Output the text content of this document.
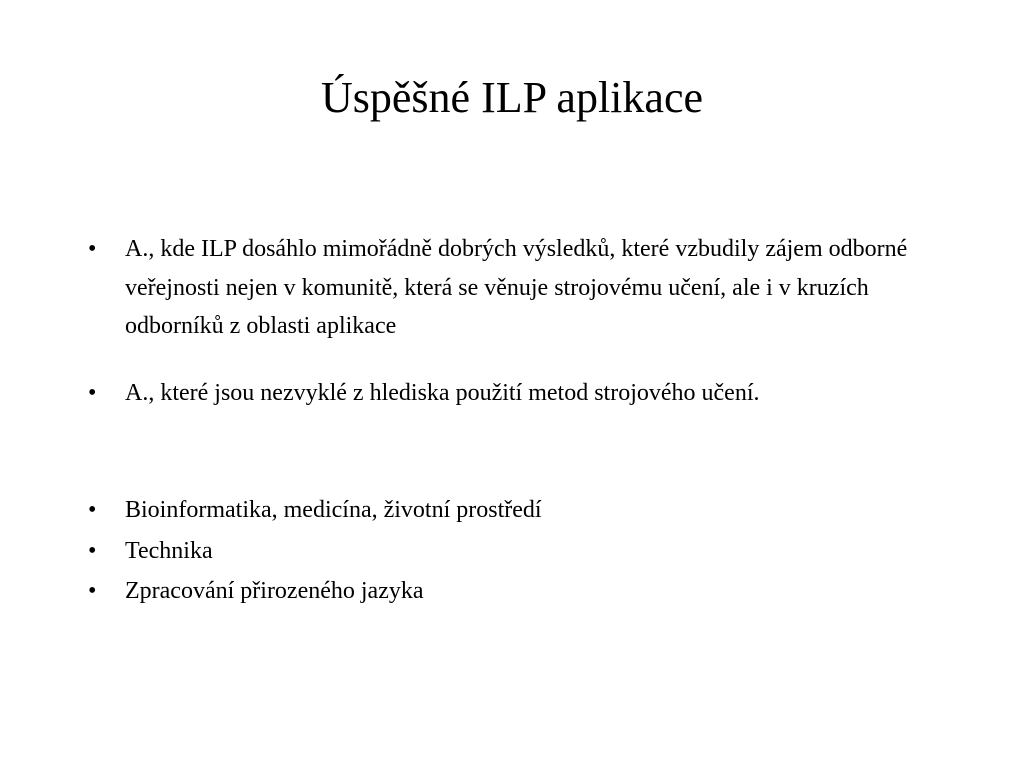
Úspěšné ILP aplikace
• A., kde ILP dosáhlo mimořádně dobrých výsledků, které vzbudily zájem odborné veřejnosti nejen v komunitě, která se věnuje strojovému učení, ale i v kruzích odborníků z oblasti aplikace
• A., které jsou nezvyklé z hlediska použití metod strojového učení.
• Bioinformatika, medicína, životní prostředí
• Technika
• Zpracování přirozeného jazyka
